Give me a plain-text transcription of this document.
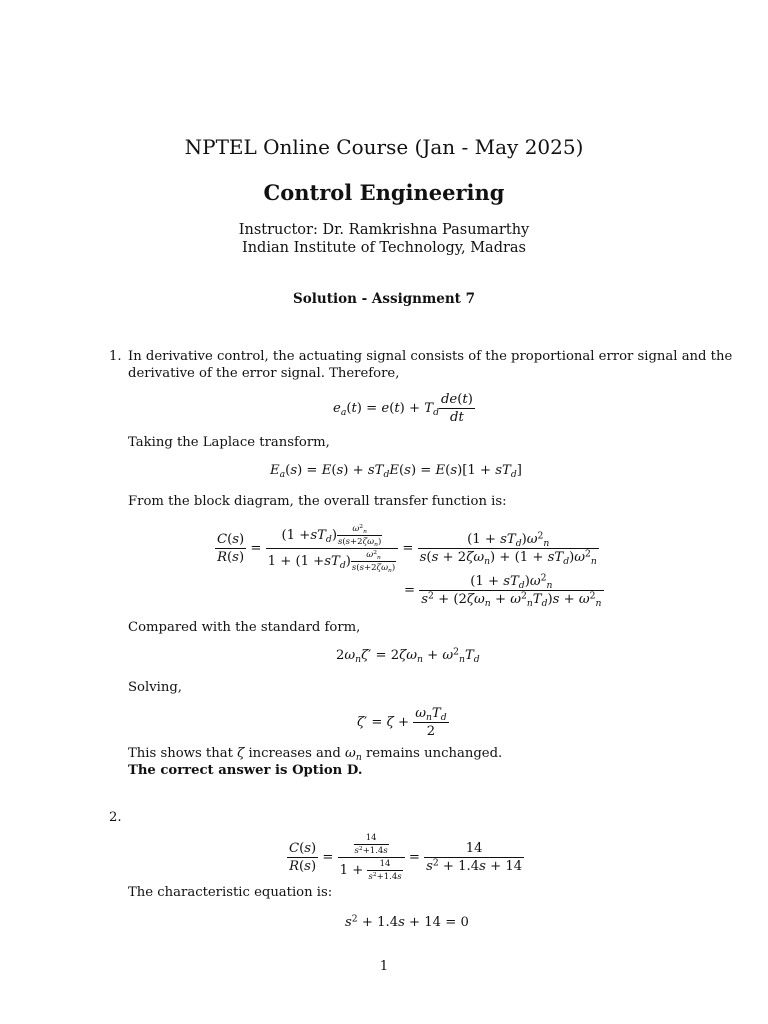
NPTEL Online Course (Jan - May 2025)
Control Engineering
Instructor: Dr. Ramkrishna Pasumarthy
Indian Institute of Technology, Madras
Solution - Assignment 7
1. In derivative control, the actuating signal consists of the proportional error signal and the
derivative of the error signal. Therefore,
$e_a(t) = e(t) + T_d \frac{de(t)}{dt}$
Taking the Laplace transform,
$E_a(s) = E(s) + sT_dE(s) = E(s)[1 + sT_d]$
From the block diagram, the overall transfer function is:
$\frac{C(s)}{R(s)} = \frac{(1 + sT_d ) \frac{\omega^2_n}{s(s+2\zeta\omega_n)}}{1 + (1 + sT_d ) \frac{\omega^2_n}{s(s+2\zeta\omega_n)}} = \frac{(1 + sT_d)\omega^2_n}{s(s + 2\zeta\omega_n) + (1 + sT_d)\omega^2_n}$
= $\frac{(1 + sT_d)\omega^2_n}{s^2 + (2\zeta\omega_n + \omega^2_nT_d)s + \omega^2_n}$
Compared with the standard form,
$2\omega_n\zeta' = 2\zeta\omega_n + \omega^2_nT_d$
Solving,
$\zeta' = \zeta + \frac{\omega_nT_d}{2}$
This shows that ζ increases and $\omega_n$ remains unchanged.
The correct answer is Option D.
2.
$\frac{C(s)}{R(s)} = \frac{\frac{14}{s^2+1.4s}}{1 + \frac{14}{s^2+1.4s}} = \frac{14}{s^2 + 1.4s + 14}$
The characteristic equation is:
$s^2 + 1.4s + 14 = 0$
1
